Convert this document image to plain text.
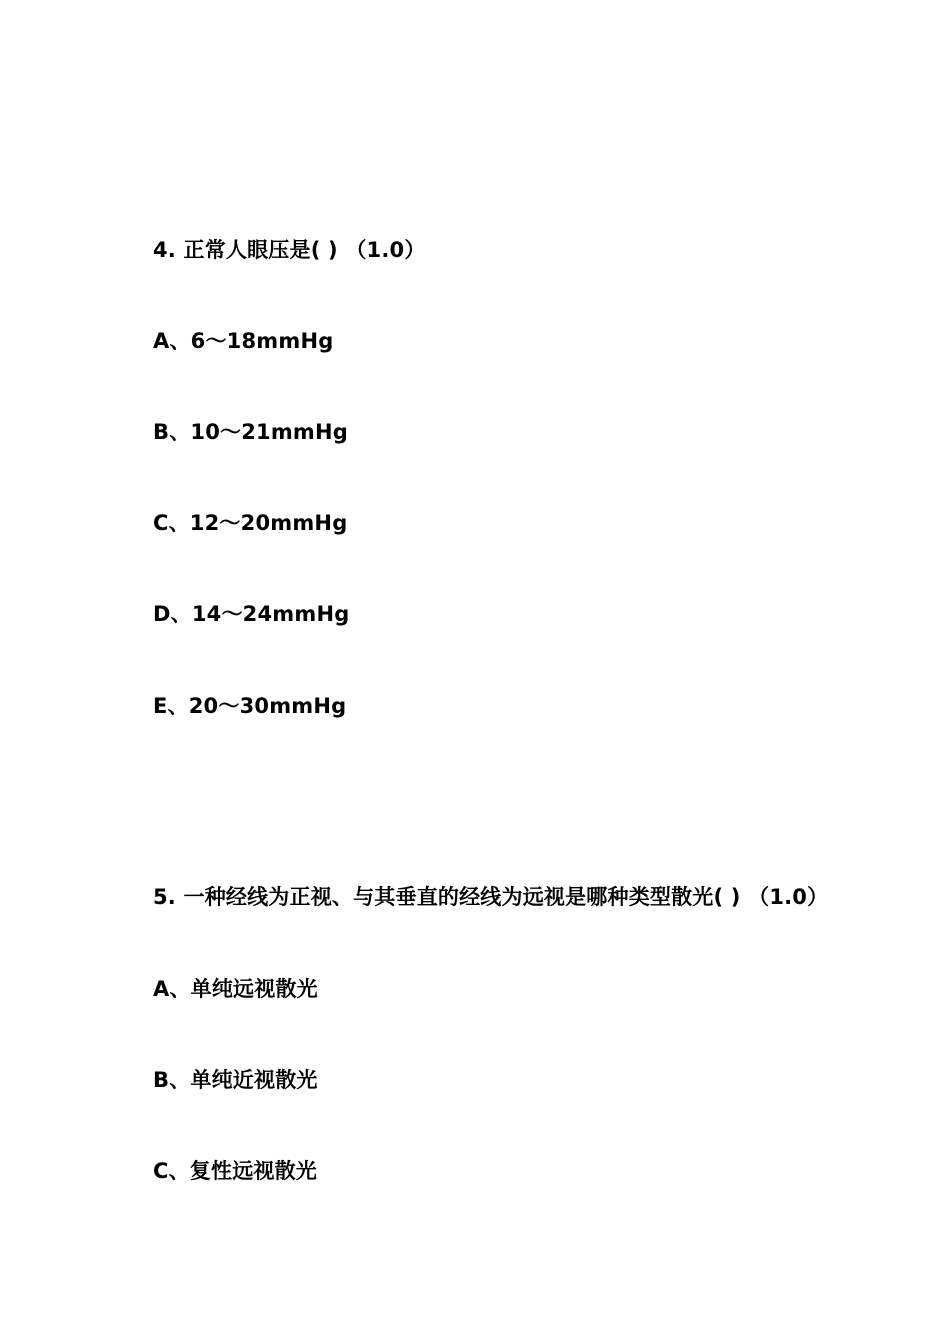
4. 正常人眼压是( ) （1.0）
A、6～18mmHg
B、10～21mmHg
C、12～20mmHg
D、14～24mmHg
E、20～30mmHg
5. 一种经线为正视、与其垂直的经线为远视是哪种类型散光( ) （1.0）
A、单纯远视散光
B、单纯近视散光
C、复性远视散光
